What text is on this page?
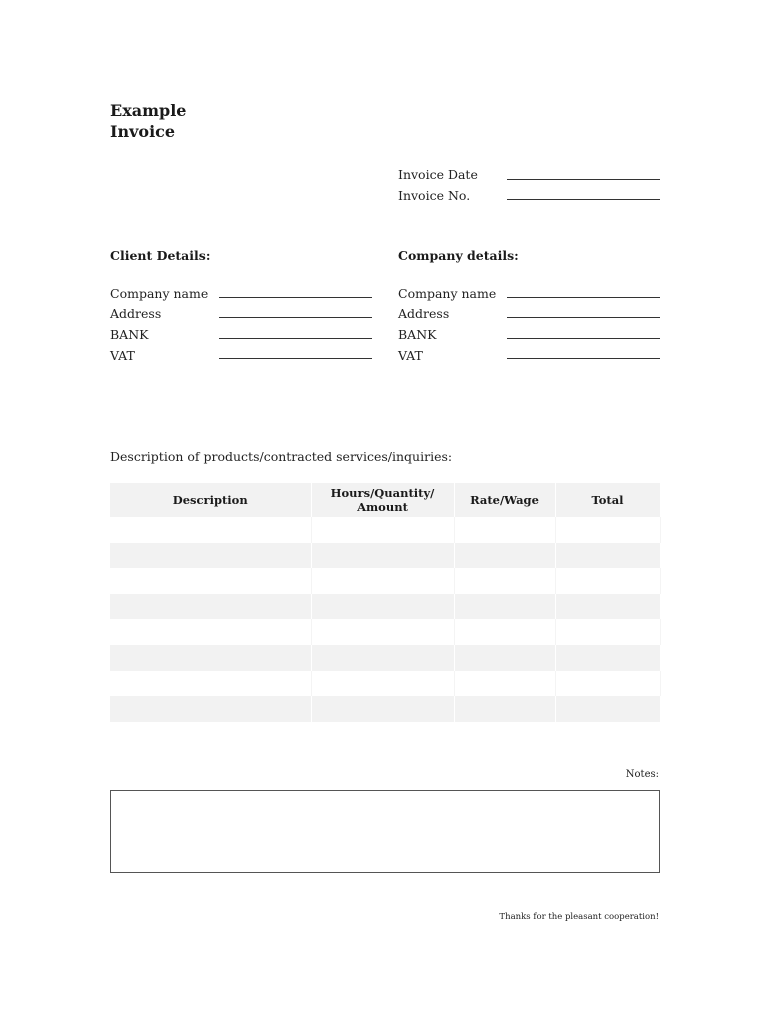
Example
Invoice
Invoice Date
Invoice No.
Client Details:
Company name
Address
BANK
VAT
Company details:
Company name
Address
BANK
VAT
Description of products/contracted services/inquiries:
Description	Hours/Quantity/ Amount	Rate/Wage	Total

Notes:
Thanks for the pleasant cooperation!
